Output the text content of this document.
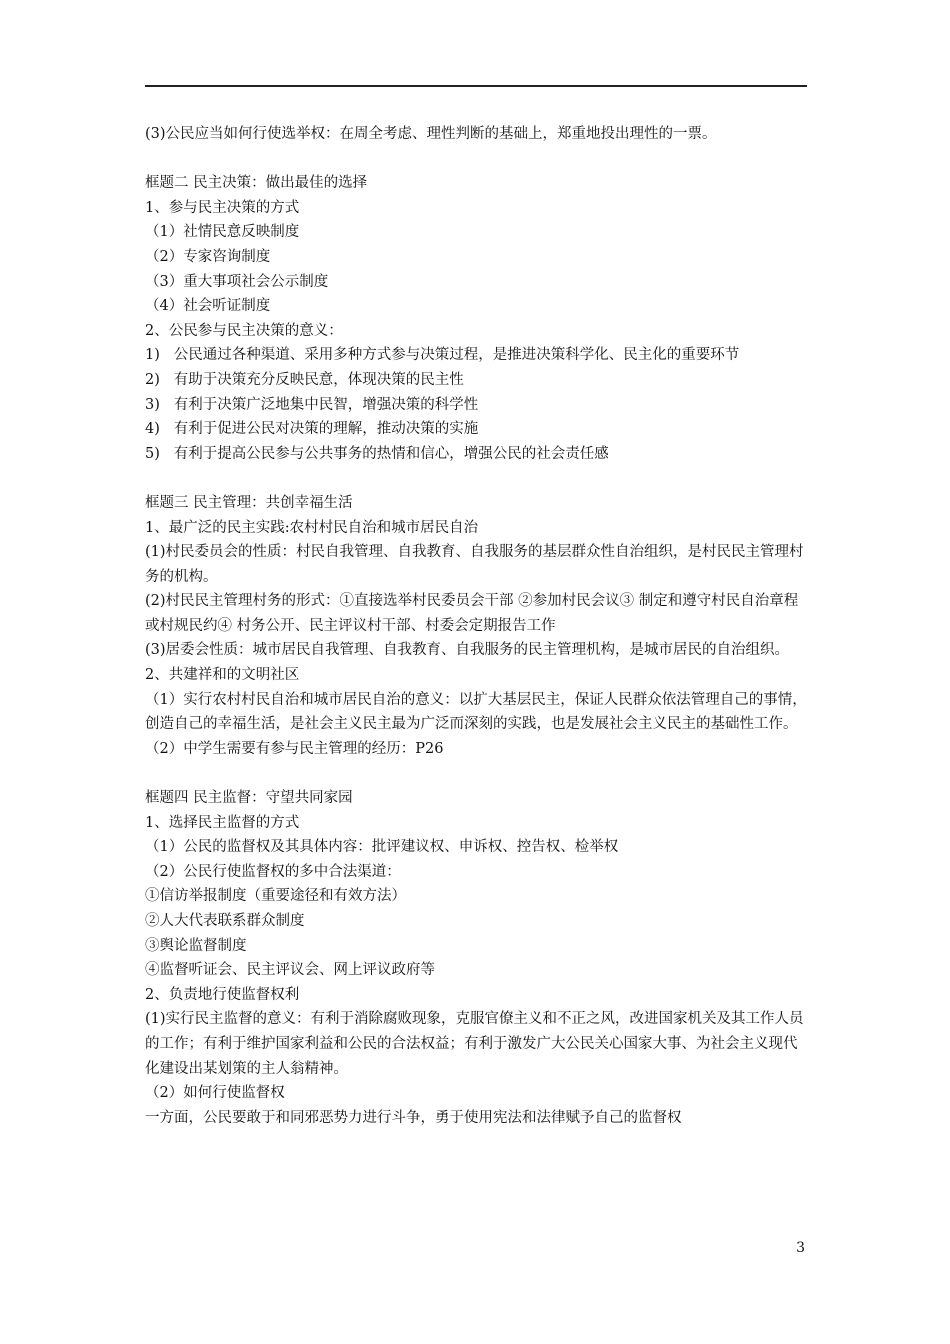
(3)公民应当如何行使选举权：在周全考虑、理性判断的基础上，郑重地投出理性的一票。

框题二 民主决策：做出最佳的选择

1、参与民主决策的方式

（1）社情民意反映制度

（2）专家咨询制度

（3）重大事项社会公示制度

（4）社会听证制度

2、公民参与民主决策的意义：

1)   公民通过各种渠道、采用多种方式参与决策过程，是推进决策科学化、民主化的重要环节

2)   有助于决策充分反映民意，体现决策的民主性

3)   有利于决策广泛地集中民智，增强决策的科学性

4)   有利于促进公民对决策的理解，推动决策的实施

5)   有利于提高公民参与公共事务的热情和信心，增强公民的社会责任感

框题三 民主管理：共创幸福生活

1、最广泛的民主实践:农村村民自治和城市居民自治

(1)村民委员会的性质：村民自我管理、自我教育、自我服务的基层群众性自治组织，是村民民主管理村务的机构。

(2)村民民主管理村务的形式：①直接选举村民委员会干部 ②参加村民会议③ 制定和遵守村民自治章程或村规民约④ 村务公开、民主评议村干部、村委会定期报告工作

(3)居委会性质：城市居民自我管理、自我教育、自我服务的民主管理机构，是城市居民的自治组织。

2、共建祥和的文明社区

（1）实行农村村民自治和城市居民自治的意义：以扩大基层民主，保证人民群众依法管理自己的事情，创造自己的幸福生活，是社会主义民主最为广泛而深刻的实践，也是发展社会主义民主的基础性工作。

（2）中学生需要有参与民主管理的经历：P26

框题四 民主监督：守望共同家园

1、选择民主监督的方式

（1）公民的监督权及其具体内容：批评建议权、申诉权、控告权、检举权

（2）公民行使监督权的多中合法渠道：

①信访举报制度（重要途径和有效方法）

②人大代表联系群众制度

③舆论监督制度

④监督听证会、民主评议会、网上评议政府等

2、负责地行使监督权利

(1)实行民主监督的意义：有利于消除腐败现象，克服官僚主义和不正之风，改进国家机关及其工作人员的工作；有利于维护国家利益和公民的合法权益；有利于激发广大公民关心国家大事、为社会主义现代化建设出某划策的主人翁精神。

（2）如何行使监督权

一方面，公民要敢于和同邪恶势力进行斗争，勇于使用宪法和法律赋予自己的监督权

3
